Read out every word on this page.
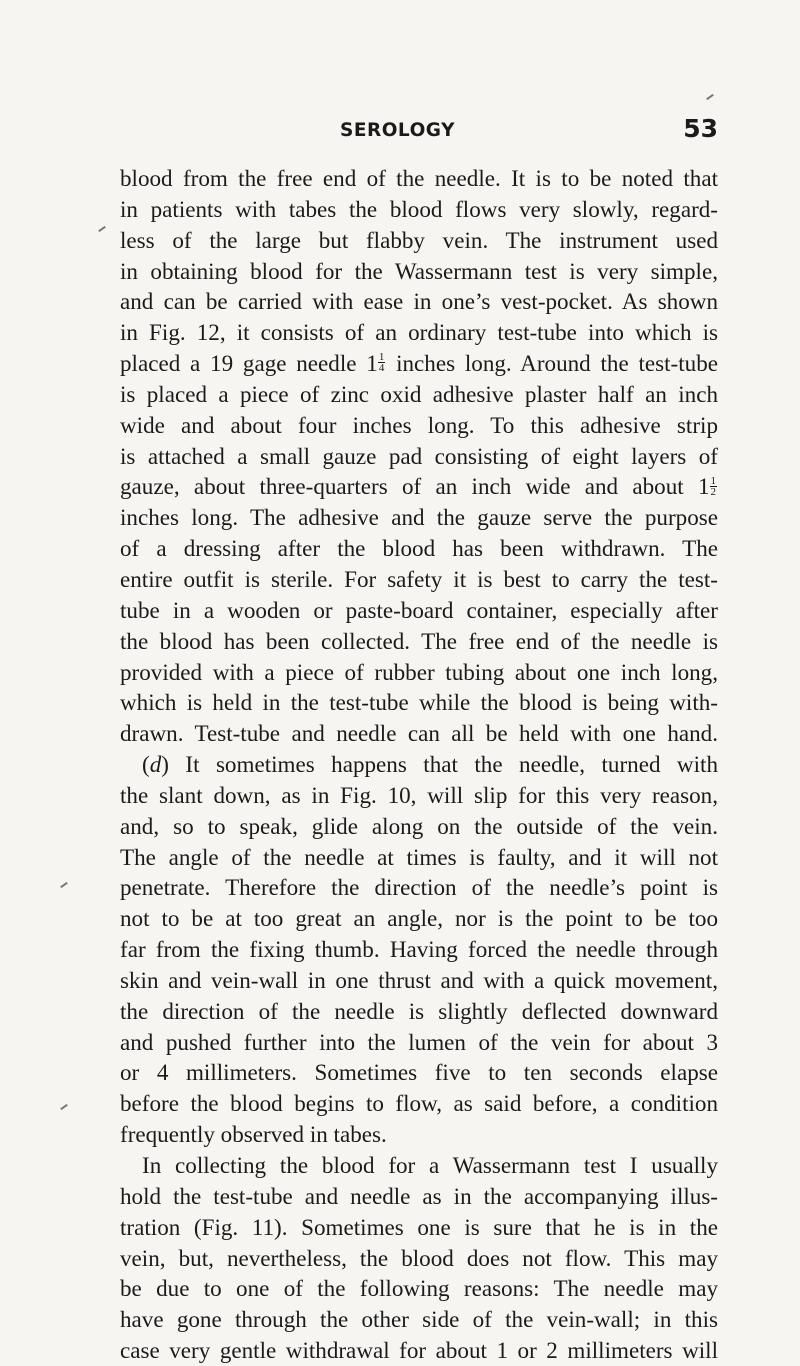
SEROLOGY	53
blood from the free end of the needle. It is to be noted that
in patients with tabes the blood flows very slowly, regard-
less of the large but flabby vein. The instrument used
in obtaining blood for the Wassermann test is very simple,
and can be carried with ease in one’s vest-pocket. As shown
in Fig. 12, it consists of an ordinary test-tube into which is
placed a 19 gage needle $1 \frac{1}{4}$ inches long. Around the test-tube
is placed a piece of zinc oxid adhesive plaster half an inch
wide and about four inches long. To this adhesive strip
is attached a small gauze pad consisting of eight layers of
gauze, about three-quarters of an inch wide and about $1 \frac{1}{2}$
inches long. The adhesive and the gauze serve the purpose
of a dressing after the blood has been withdrawn. The
entire outfit is sterile. For safety it is best to carry the test-
tube in a wooden or paste-board container, especially after
the blood has been collected. The free end of the needle is
provided with a piece of rubber tubing about one inch long,
which is held in the test-tube while the blood is being with-
drawn. Test-tube and needle can all be held with one hand.
(d) It sometimes happens that the needle, turned with
the slant down, as in Fig. 10, will slip for this very reason,
and, so to speak, glide along on the outside of the vein.
The angle of the needle at times is faulty, and it will not
penetrate. Therefore the direction of the needle’s point is
not to be at too great an angle, nor is the point to be too
far from the fixing thumb. Having forced the needle through
skin and vein-wall in one thrust and with a quick movement,
the direction of the needle is slightly deflected downward
and pushed further into the lumen of the vein for about 3
or 4 millimeters. Sometimes five to ten seconds elapse
before the blood begins to flow, as said before, a condition
frequently observed in tabes.
In collecting the blood for a Wassermann test I usually
hold the test-tube and needle as in the accompanying illus-
tration (Fig. 11). Sometimes one is sure that he is in the
vein, but, nevertheless, the blood does not flow. This may
be due to one of the following reasons: The needle may
have gone through the other side of the vein-wall; in this
case very gentle withdrawal for about 1 or 2 millimeters will
